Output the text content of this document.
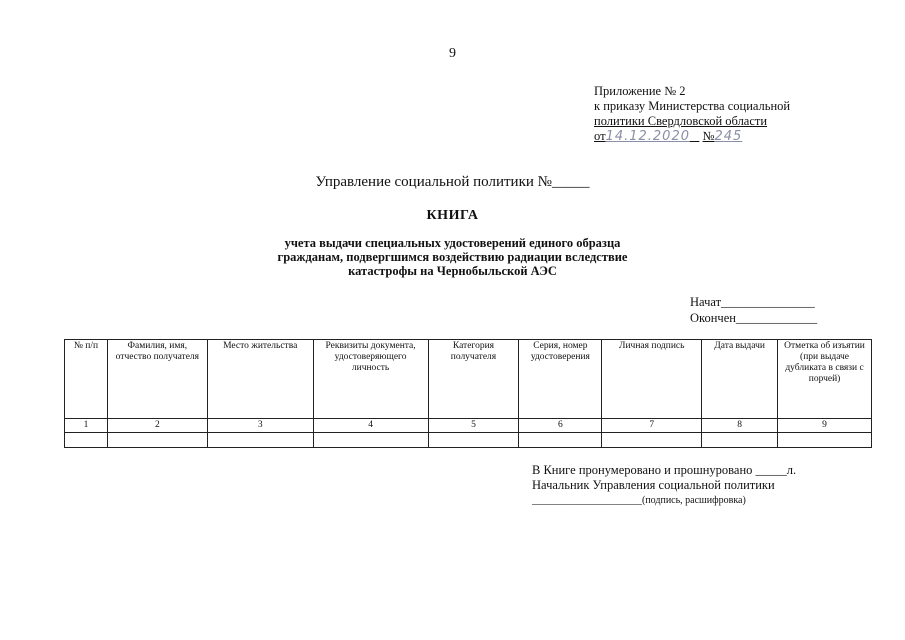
9
Приложение № 2
к приказу Министерства социальной
политики Свердловской области
от14.12.2020 №245
Управление социальной политики №_____
КНИГА
учета выдачи специальных удостоверений единого образца
гражданам, подвергшимся воздействию радиации вследствие
катастрофы на Чернобыльской АЭС
Начат_______________
Окончен_____________
№ п/п	Фамилия, имя, отчество получателя	Место жительства	Реквизиты документа, удостоверяющего личность	Категория получателя	Серия, номер удостоверения	Личная подпись	Дата выдачи	Отметка об изъятии (при выдаче дубликата в связи с порчей)
1	2	3	4	5	6	7	8	9

В Книге пронумеровано и прошнуровано _____л.
Начальник Управления социальной политики
______________________(подпись, расшифровка)
